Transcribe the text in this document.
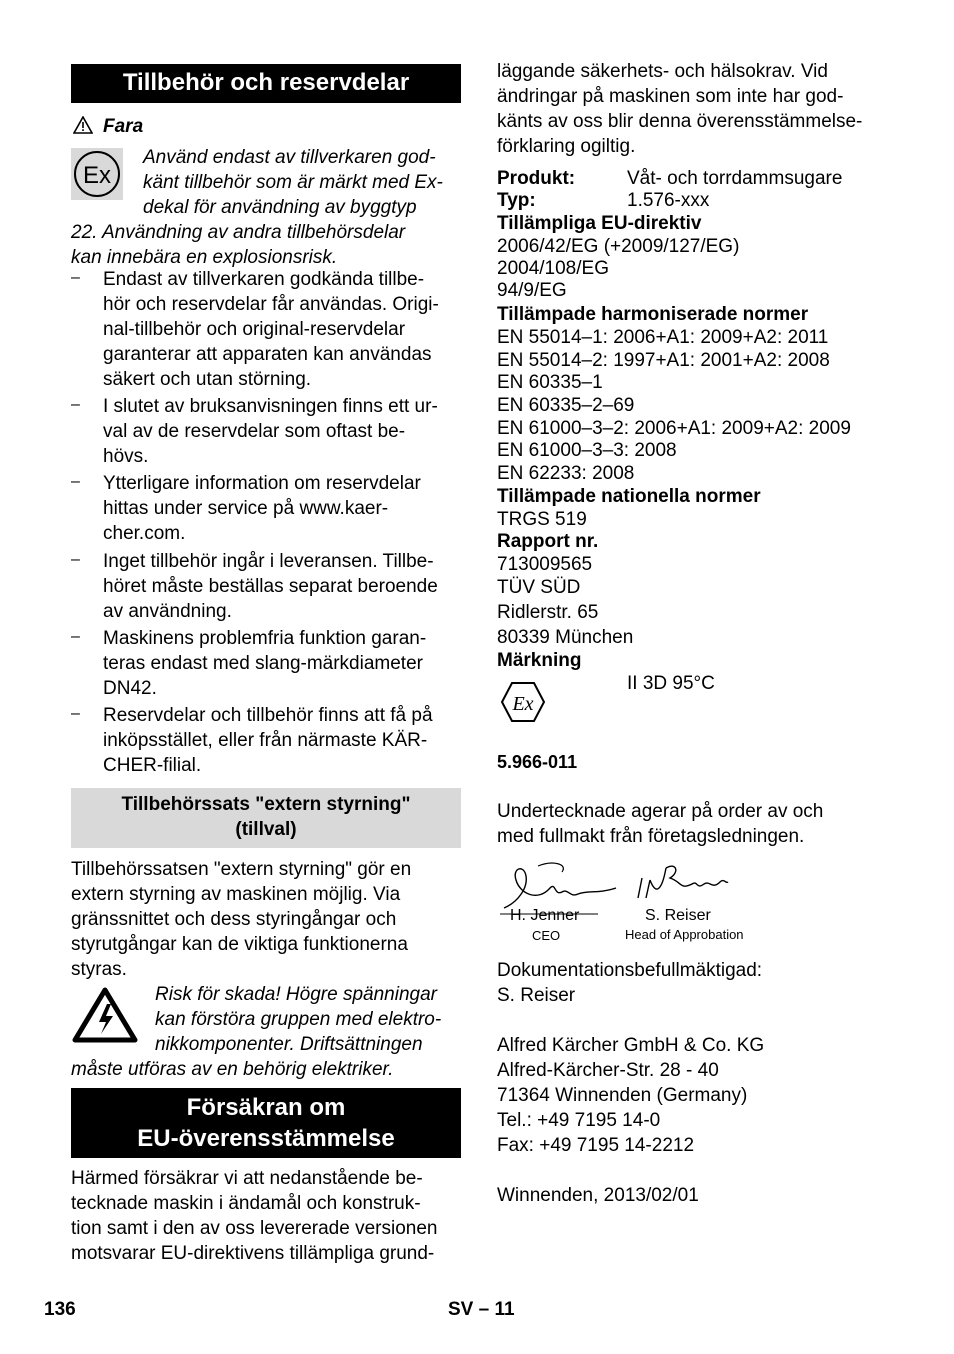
Tillbehör och reservdelar
Fara
Ex
Använd endast av tillverkaren god-
känt tillbehör som är märkt med Ex-
dekal för användning av byggtyp
22. Användning av andra tillbehörsdelar
kan innebära en explosionsrisk.
– Endast av tillverkaren godkända tillbe-
hör och reservdelar får användas. Origi-
nal-tillbehör och original-reservdelar
garanterar att apparaten kan användas
säkert och utan störning.
– I slutet av bruksanvisningen finns ett ur-
val av de reservdelar som oftast be-
hövs.
– Ytterligare information om reservdelar
hittas under service på www.kaer-
cher.com.
– Inget tillbehör ingår i leveransen. Tillbe-
höret måste beställas separat beroende
av användning.
– Maskinens problemfria funktion garan-
teras endast med slang-märkdiameter
DN42.
– Reservdelar och tillbehör finns att få på
inköpsstället, eller från närmaste KÄR-
CHER-filial.
Tillbehörssats "extern styrning"
(tillval)
Tillbehörssatsen "extern styrning" gör en
extern styrning av maskinen möjlig. Via
gränssnittet och dess styringångar och
styrutgångar kan de viktiga funktionerna
styras.
Risk för skada! Högre spänningar
kan förstöra gruppen med elektro-
nikkomponenter. Driftsättningen
måste utföras av en behörig elektriker.
Försäkran om
EU-överensstämmelse
Härmed försäkrar vi att nedanstående be-
tecknade maskin i ändamål och konstruk-
tion samt i den av oss levererade versionen
motsvarar EU-direktivens tillämpliga grund-
läggande säkerhets- och hälsokrav. Vid
ändringar på maskinen som inte har god-
känts av oss blir denna överensstämmelse-
förklaring ogiltig.
Produkt:	Våt- och torrdammsugare
Typ:	1.576-xxx
Tillämpliga EU-direktiv
2006/42/EG (+2009/127/EG)
2004/108/EG
94/9/EG
Tillämpade harmoniserade normer
EN 55014–1: 2006+A1: 2009+A2: 2011
EN 55014–2: 1997+A1: 2001+A2: 2008
EN 60335–1
EN 60335–2–69
EN 61000–3–2: 2006+A1: 2009+A2: 2009
EN 61000–3–3: 2008
EN 62233: 2008
Tillämpade nationella normer
TRGS 519
Rapport nr.
713009565
TÜV SÜD
Ridlerstr. 65
80339 München
Märkning
Ex
II 3D 95°C
5.966-011
Undertecknade agerar på order av och
med fullmakt från företagsledningen.
H. Jenner
CEO
S. Reiser
Head of Approbation
Dokumentationsbefullmäktigad:
S. Reiser
Alfred Kärcher GmbH & Co. KG
Alfred-Kärcher-Str. 28 - 40
71364 Winnenden (Germany)
Tel.: +49 7195 14-0
Fax: +49 7195 14-2212
Winnenden, 2013/02/01
136	SV – 11
